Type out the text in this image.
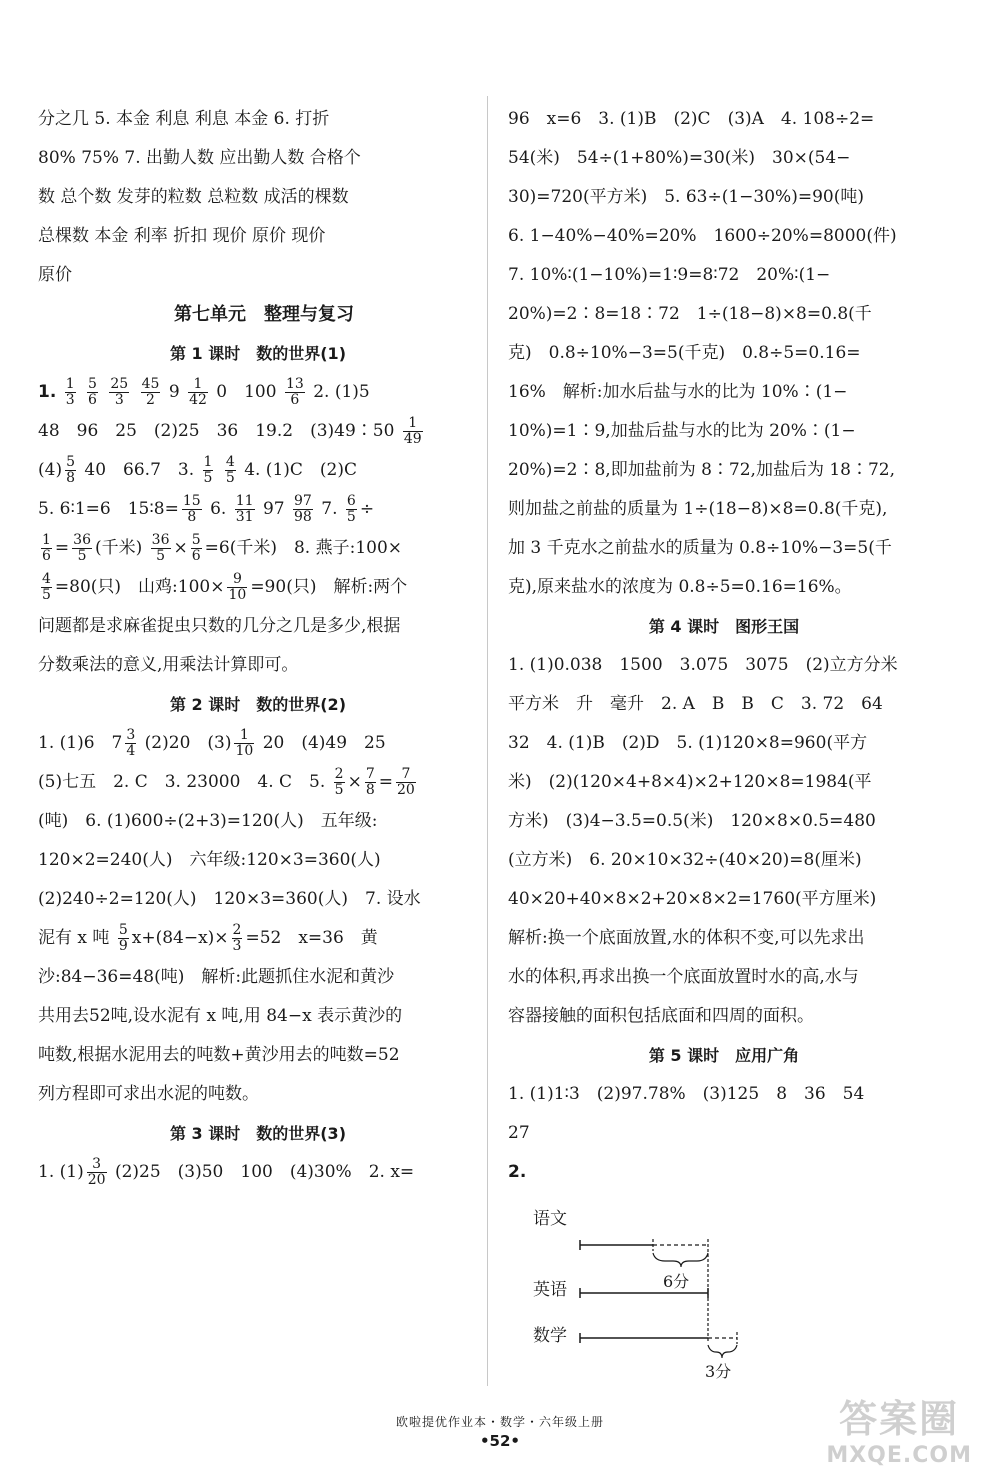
分之几 5. 本金 利息 利息 本金 6. 打折
80% 75% 7. 出勤人数 应出勤人数 合格个
数 总个数 发芽的粒数 总粒数 成活的棵数
总棵数 本金 利率 折扣 现价 原价 现价
原价
第七单元　整理与复习
第 1 课时　数的世界(1)
1. $\frac{1}{3}$
$\frac{5}{6}$
$\frac{25}{3}$
$\frac{45}{2} 9 \frac{1}{42} 0$　$100 \frac{13}{6} 2$. (1)5
48　96　25　(2)25　36　19.2　(3)49∶50 $\frac{1}{49}$
$(4) \frac{5}{8} 40$　66.7　3. $\frac{1}{5}$
$\frac{4}{5} 4$. (1)C　(2)C
5. 6∶1=6　15∶8= $\frac{15}{8} 6$. $\frac{11}{31} 97 \frac{97}{98} 7$. $\frac{6}{5}$ ÷
$\frac{1}{6} = \frac{36}{5}$ (千米) $\frac{36}{5} \times \frac{5}{6} =6$(千米)　8. 燕子:100×
$\frac{4}{5} =80$(只)　山鸡:100× $\frac{9}{10} =90$(只)　解析:两个
问题都是求麻雀捉虫只数的几分之几是多少,根据
分数乘法的意义,用乘法计算即可。
第 2 课时　数的世界(2)
1. (1)6　$7 \frac{3}{4} (2)20$　$(3) \frac{1}{10} 20$　(4)49　25
(5)七五　2. C　3. 23000　4. C　5. $\frac{2}{5} \times \frac{7}{8} = \frac{7}{20}$
(吨)　6. (1)600÷(2+3)=120(人)　五年级:
120×2=240(人)　六年级:120×3=360(人)
(2)240÷2=120(人)　120×3=360(人)　7. 设水
泥有 x 吨 $\frac{5}{9} x+(84-x)\times \frac{2}{3} =52$　x=36　黄
沙:84−36=48(吨)　解析:此题抓住水泥和黄沙
共用去52吨,设水泥有 x 吨,用 84−x 表示黄沙的
吨数,根据水泥用去的吨数+黄沙用去的吨数=52
列方程即可求出水泥的吨数。
第 3 课时　数的世界(3)
1. $(1) \frac{3}{20} (2)25$　(3)50　100　(4)30%　2. x=
96　x=6　3. (1)B　(2)C　(3)A　4. 108÷2=
54(米)　54÷(1+80%)=30(米)　30×(54−
30)=720(平方米)　5. 63÷(1−30%)=90(吨)
6. 1−40%−40%=20%　1600÷20%=8000(件)
7. 10%∶(1−10%)=1∶9=8∶72　20%∶(1−
20%)=2∶8=18∶72　1÷(18−8)×8=0.8(千
克)　0.8÷10%−3=5(千克)　0.8÷5=0.16=
16%　解析:加水后盐与水的比为 10%∶(1−
10%)=1∶9,加盐后盐与水的比为 20%∶(1−
20%)=2∶8,即加盐前为 8∶72,加盐后为 18∶72,
则加盐之前盐的质量为 1÷(18−8)×8=0.8(千克),
加 3 千克水之前盐水的质量为 0.8÷10%−3=5(千
克),原来盐水的浓度为 0.8÷5=0.16=16%。
第 4 课时　图形王国
1. (1)0.038　1500　3.075　3075　(2)立方分米
平方米　升　毫升　2. A　B　B　C　3. 72　64
32　4. (1)B　(2)D　5. (1)120×8=960(平方
米)　(2)(120×4+8×4)×2+120×8=1984(平
方米)　(3)4−3.5=0.5(米)　120×8×0.5=480
(立方米)　6. 20×10×32÷(40×20)=8(厘米)
40×20+40×8×2+20×8×2=1760(平方厘米)
解析:换一个底面放置,水的体积不变,可以先求出
水的体积,再求出换一个底面放置时水的高,水与
容器接触的面积包括底面和四周的面积。
第 5 课时　应用广角
1. (1)1∶3　(2)97.78%　(3)125　8　36　54
27
2.
语文
6分
英语
数学
3分
欧啦提优作业本・数学・六年级上册
•52•	答案圈
MXQE.COM
